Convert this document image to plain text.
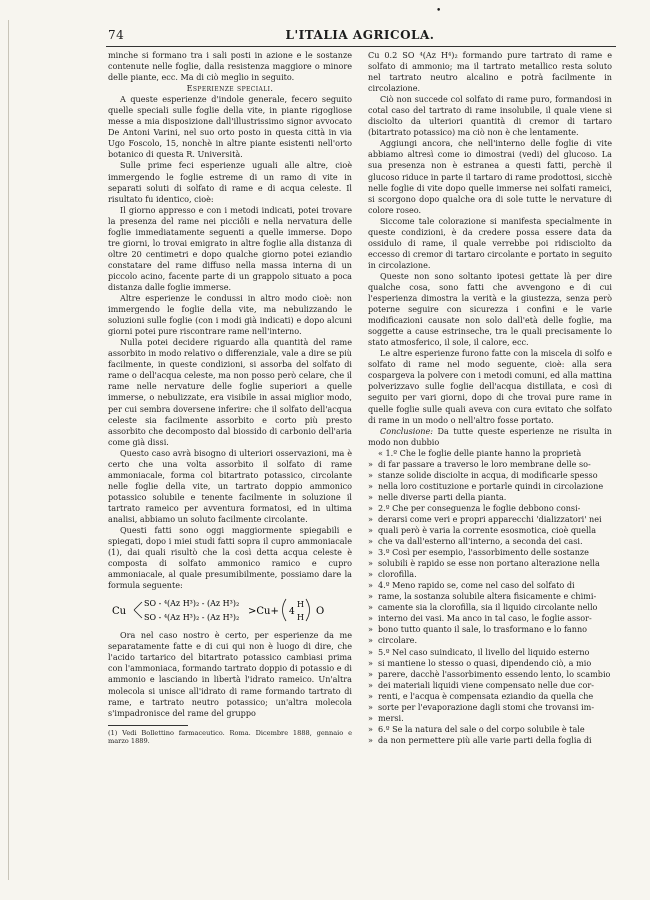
•
74	L'ITALIA AGRICOLA.

minche si formano tra i sali posti in azione e le sostanze contenute nelle foglie, dalla resistenza maggiore o minore delle piante, ecc. Ma di ciò meglio in seguito.

Esperienze speciali.

A queste esperienze d'indole generale, fecero seguito quelle speciali sulle foglie della vite, in piante rigogliose messe a mia disposizione dall'illustrissimo signor avvocato De Antoni Varini, nel suo orto posto in questa città in via Ugo Foscolo, 15, nonchè in altre piante esistenti nell'orto botanico di questa R. Università.

Sulle prime feci esperienze uguali alle altre, cioè immergendo le foglie estreme di un ramo di vite in separati soluti di solfato di rame e di acqua celeste. Il risultato fu identico, cioè:

Il giorno appresso e con i metodi indicati, potei trovare la presenza del rame nei picciôli e nella nervatura delle foglie immediatamente seguenti a quelle immerse. Dopo tre giorni, lo trovai emigrato in altre foglie alla distanza di oltre 20 centimetri e dopo qualche giorno potei eziandio constatare del rame diffuso nella massa interna di un piccolo acino, facente parte di un grappolo situato a poca distanza dalle foglie immerse.

Altre esperienze le condussi in altro modo cioè: non immergendo le foglie della vite, ma nebulizzando le soluzioni sulle foglie (con i modi già indicati) e dopo alcuni giorni potei pure riscontrare rame nell'interno.

Nulla potei decidere riguardo alla quantità del rame assorbito in modo relativo o differenziale, vale a dire se più facilmente, in queste condizioni, si assorba del solfato di rame o dell'acqua celeste, ma non posso però celare, che il rame nelle nervature delle foglie superiori a quelle immerse, o nebulizzate, era visibile in assai miglior modo, per cui sembra doversene inferire: che il solfato dell'acqua celeste sia facilmente assorbito e corto più presto assorbito che decomposto dal biossido di carbonio dell'aria come già dissi.

Questo caso avrà bisogno di ulteriori osservazioni, ma è certo che una volta assorbito il solfato di rame ammoniacale, forma col bitartrato potassico, circolante nelle foglie della vite, un tartrato doppio ammonico potassico solubile e tenente facilmente in soluzione il tartrato rameico per avventura formatosi, ed in ultima analisi, abbiamo un soluto facilmente circolante.

Questi fatti sono oggi maggiormente spiegabili e spiegati, dopo i miei studi fatti sopra il cupro ammoniacale (1), dai quali risultò che la così detta acqua celeste è composta di solfato ammonico ramico e cupro ammoniacale, al quale presumibilmente, possiamo dare la formula seguente:

Cu
SO - ⁴(Az H³)₂ - (Az H³)₂
SO - ⁴(Az H³)₂ - (Az H³)₂
>Cu+ 4
H
H
O

Ora nel caso nostro è certo, per esperienze da me separatamente fatte e di cui qui non è luogo di dire, che l'acido tartarico del bitartrato potassico cambiasi prima con l'ammoniaca, formando tartrato doppio di potassio e di ammonio e lasciando in libertà l'idrato rameico. Un'altra molecola si unisce all'idrato di rame formando tartrato di rame, e tartrato neutro potassico; un'altra molecola s'impadronisce del rame del gruppo

(1) Vedi Bollettino farmaceutico. Roma. Dicembre 1888, gennaio e marzo 1889.

Cu 0.2 SO ⁴(Az H⁴)₂ formando pure tartrato di rame e solfato di ammonio; ma il tartrato metallico resta soluto nel tartrato neutro alcalino e potrà facilmente in circolazione.

Ciò non succede col solfato di rame puro, formandosi in cotal caso del tartrato di rame insolubile, il quale viene si disciolto da ulteriori quantità di cremor di tartaro (bitartrato potassico) ma ciò non è che lentamente.

Aggiungi ancora, che nell'interno delle foglie di vite abbiamo altresì come io dimostrai (vedi) del glucoso. La sua presenza non è estranea a questi fatti, perchè il glucoso riduce in parte il tartaro di rame prodottosi, sicchè nelle foglie di vite dopo quelle immerse nei solfati rameici, si scorgono dopo qualche ora di sole tutte le nervature di colore roseo.

Siccome tale colorazione si manifesta specialmente in queste condizioni, è da credere possa essere data da ossidulo di rame, il quale verrebbe poi ridisciolto da eccesso di cremor di tartaro circolante e portato in seguito in circolazione.

Queste non sono soltanto ipotesi gettate là per dire qualche cosa, sono fatti che avvengono e di cui l'esperienza dimostra la verità e la giustezza, senza però poterne seguire con sicurezza i confini e le varie modificazioni causate non solo dall'età delle foglie, ma soggette a cause estrinseche, tra le quali precisamente lo stato atmosferico, il sole, il calore, ecc.

Le altre esperienze furono fatte con la miscela di solfo e solfato di rame nel modo seguente, cioè: alla sera cospargeva la polvere con i metodi comuni, ed alla mattina polverizzavo sulle foglie dell'acqua distillata, e così di seguito per vari giorni, dopo di che trovai pure rame in quelle foglie sulle quali aveva con cura evitato che solfato di rame in un modo o nell'altro fosse portato.

Conclusione: Da tutte queste esperienze ne risulta in modo non dubbio

« 1.º Che le foglie delle piante hanno la proprietà
» di far passare a traverso le loro membrane delle so-
» stanze solide disciolte in acqua, di modificarle spesso
» nella loro costituzione e portarle quindi in circolazione
» nelle diverse parti della pianta.
» 2.º Che per conseguenza le foglie debbono consi-
» derarsi come veri e propri apparecchi 'dializzatori' nei
» quali però è varia la corrente esosmotica, cioè quella
» che va dall'esterno all'interno, a seconda dei casi.
» 3.º Così per esempio, l'assorbimento delle sostanze
» solubili è rapido se esse non portano alterazione nella
» clorofilla.
» 4.º Meno rapido se, come nel caso del solfato di
» rame, la sostanza solubile altera fisicamente e chimi-
» camente sia la clorofilla, sia il liquido circolante nello
» interno dei vasi. Ma anco in tal caso, le foglie assor-
» bono tutto quanto il sale, lo trasformano e lo fanno
» circolare.
» 5.º Nel caso suindicato, il livello del liquido esterno
» si mantiene lo stesso o quasi, dipendendo ciò, a mio
» parere, dacchè l'assorbimento essendo lento, lo scambio
» dei materiali liquidi viene compensato nelle due cor-
» renti, e l'acqua è compensata eziandio da quella che
» sorte per l'evaporazione dagli stomi che trovansi im-
» mersi.
» 6.º Se la natura del sale o del corpo solubile è tale
» da non permettere più alle varie parti della foglia di
